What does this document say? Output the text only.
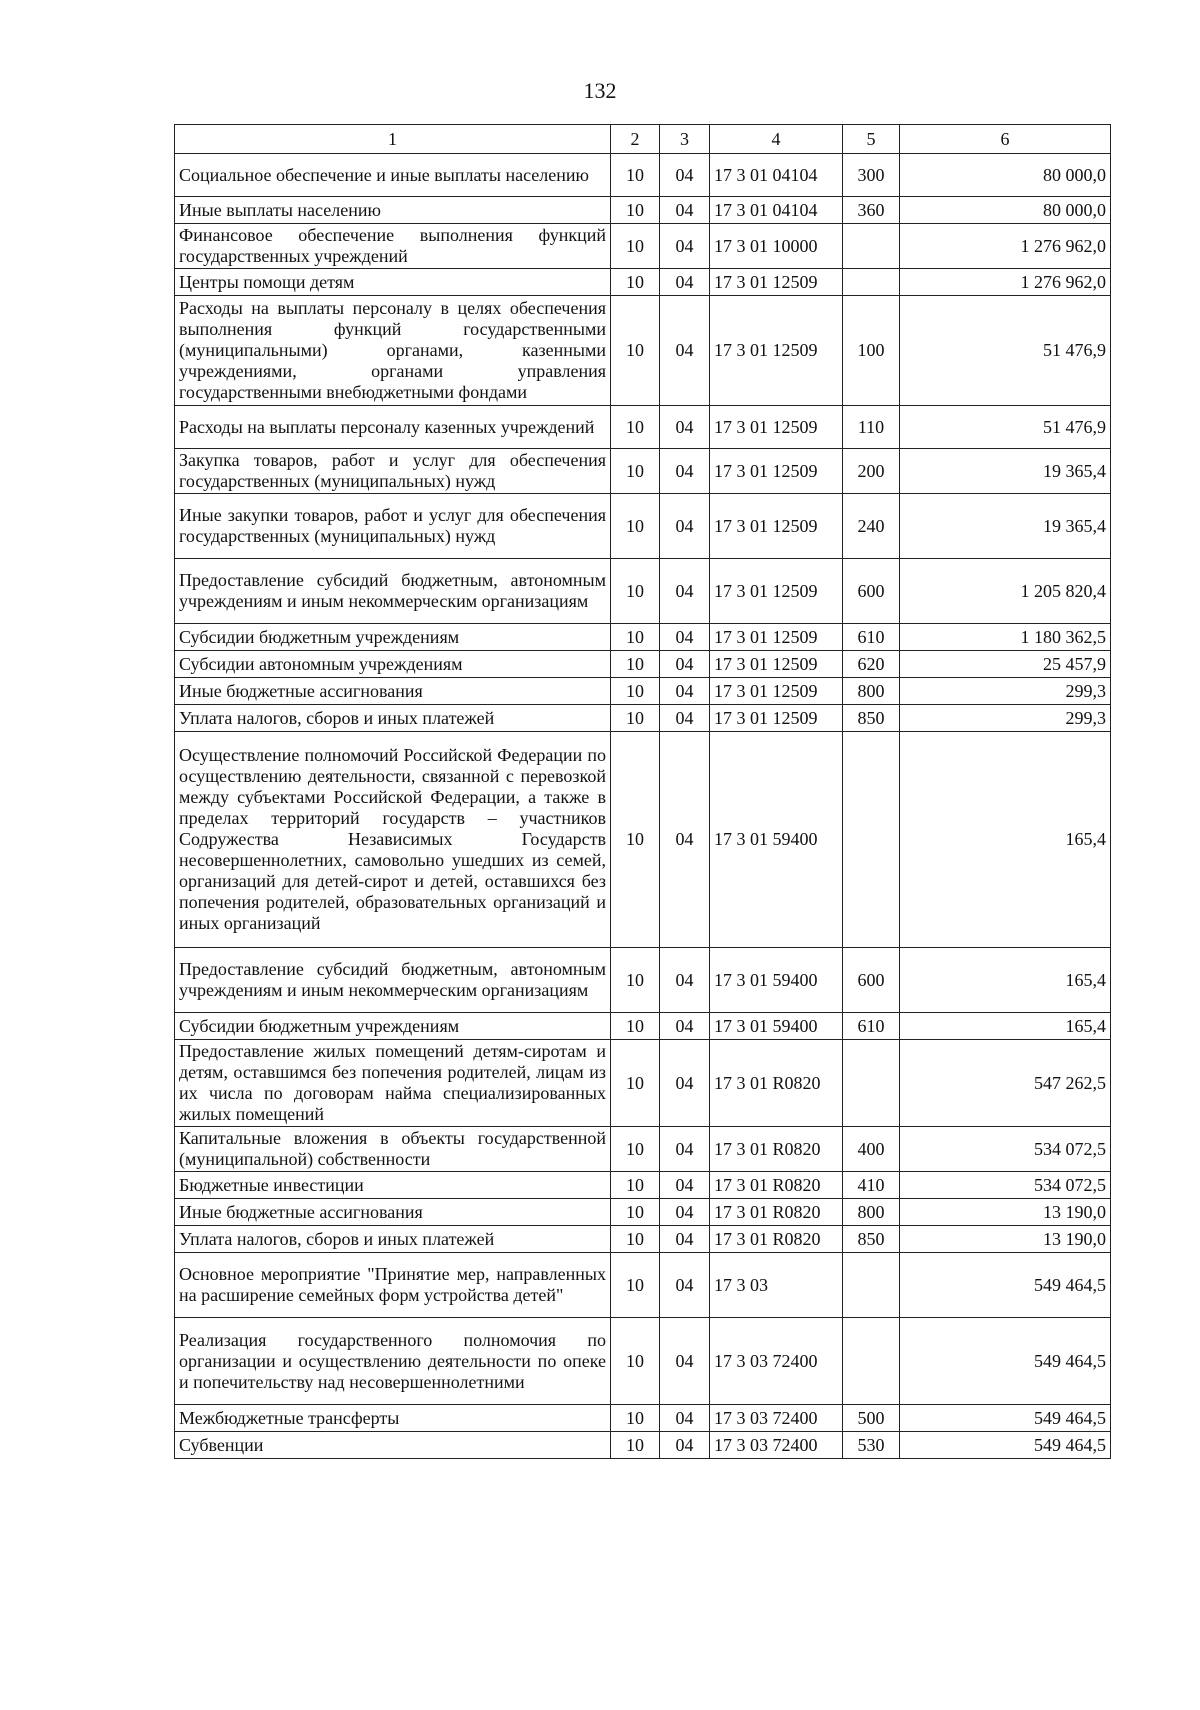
132
1	2	3	4	5	6
Социальное обеспечение и иные выплаты населению	10	04	17 3 01 04104	300	80 000,0
Иные выплаты населению	10	04	17 3 01 04104	360	80 000,0
Финансовое обеспечение выполнения функций государственных учреждений	10	04	17 3 01 10000		1 276 962,0
Центры помощи детям	10	04	17 3 01 12509		1 276 962,0
Расходы на выплаты персоналу в целях обеспечения выполнения функций государственными (муниципальными) органами, казенными учреждениями, органами управления государственными внебюджетными фондами	10	04	17 3 01 12509	100	51 476,9
Расходы на выплаты персоналу казенных учреждений	10	04	17 3 01 12509	110	51 476,9
Закупка товаров, работ и услуг для обеспечения государственных (муниципальных) нужд	10	04	17 3 01 12509	200	19 365,4
Иные закупки товаров, работ и услуг для обеспечения государственных (муниципальных) нужд	10	04	17 3 01 12509	240	19 365,4
Предоставление субсидий бюджетным, автономным учреждениям и иным некоммерческим организациям	10	04	17 3 01 12509	600	1 205 820,4
Субсидии бюджетным учреждениям	10	04	17 3 01 12509	610	1 180 362,5
Субсидии автономным учреждениям	10	04	17 3 01 12509	620	25 457,9
Иные бюджетные ассигнования	10	04	17 3 01 12509	800	299,3
Уплата налогов, сборов и иных платежей	10	04	17 3 01 12509	850	299,3
Осуществление полномочий Российской Федерации по осуществлению деятельности, связанной с перевозкой между субъектами Российской Федерации, а также в пределах территорий государств – участников Содружества Независимых Государств несовершеннолетних, самовольно ушедших из семей, организаций для детей-сирот и детей, оставшихся без попечения родителей, образовательных организаций и иных организаций	10	04	17 3 01 59400		165,4
Предоставление субсидий бюджетным, автономным учреждениям и иным некоммерческим организациям	10	04	17 3 01 59400	600	165,4
Субсидии бюджетным учреждениям	10	04	17 3 01 59400	610	165,4
Предоставление жилых помещений детям-сиротам и детям, оставшимся без попечения родителей, лицам из их числа по договорам найма специализированных жилых помещений	10	04	17 3 01 R0820		547 262,5
Капитальные вложения в объекты государственной (муниципальной) собственности	10	04	17 3 01 R0820	400	534 072,5
Бюджетные инвестиции	10	04	17 3 01 R0820	410	534 072,5
Иные бюджетные ассигнования	10	04	17 3 01 R0820	800	13 190,0
Уплата налогов, сборов и иных платежей	10	04	17 3 01 R0820	850	13 190,0
Основное мероприятие "Принятие мер, направленных на расширение семейных форм устройства детей"	10	04	17 3 03		549 464,5
Реализация государственного полномочия по организации и осуществлению деятельности по опеке и попечительству над несовершеннолетними	10	04	17 3 03 72400		549 464,5
Межбюджетные трансферты	10	04	17 3 03 72400	500	549 464,5
Субвенции	10	04	17 3 03 72400	530	549 464,5
